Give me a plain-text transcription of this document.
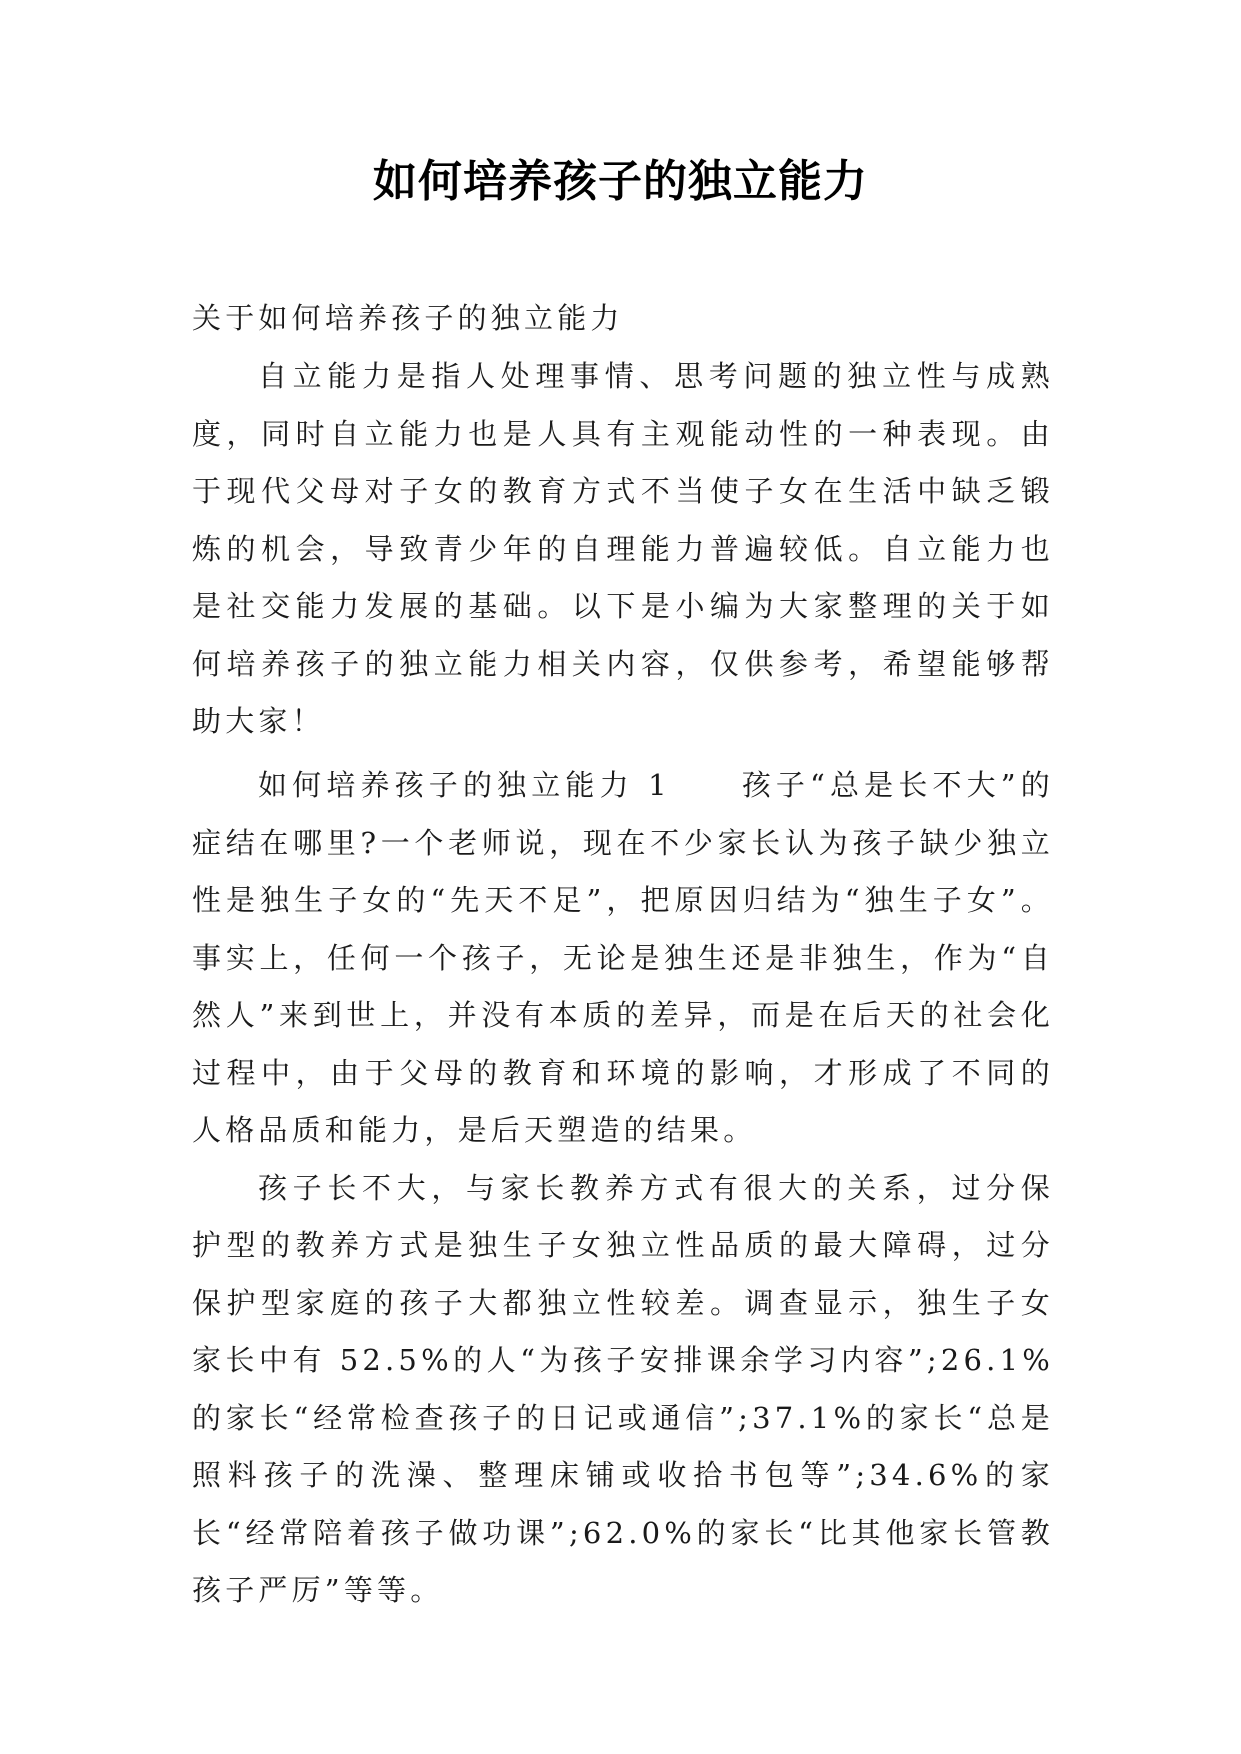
如何培养孩子的独立能力

关于如何培养孩子的独立能力

自立能力是指人处理事情、思考问题的独立性与成熟度，同时自立能力也是人具有主观能动性的一种表现。由于现代父母对子女的教育方式不当使子女在生活中缺乏锻炼的机会，导致青少年的自理能力普遍较低。自立能力也是社交能力发展的基础。以下是小编为大家整理的关于如何培养孩子的独立能力相关内容，仅供参考，希望能够帮助大家！

如何培养孩子的独立能力 1 孩子“总是长不大”的症结在哪里?一个老师说，现在不少家长认为孩子缺少独立性是独生子女的“先天不足”，把原因归结为“独生子女”。事实上，任何一个孩子，无论是独生还是非独生，作为“自然人”来到世上，并没有本质的差异，而是在后天的社会化过程中，由于父母的教育和环境的影响，才形成了不同的人格品质和能力，是后天塑造的结果。

孩子长不大，与家长教养方式有很大的关系，过分保护型的教养方式是独生子女独立性品质的最大障碍，过分保护型家庭的孩子大都独立性较差。调查显示，独生子女家长中有 52.5%的人“为孩子安排课余学习内容”;26.1%的家长“经常检查孩子的日记或通信”;37.1%的家长“总是照料孩子的洗澡、整理床铺或收拾书包等”;34.6%的家长“经常陪着孩子做功课”;62.0%的家长“比其他家长管教孩子严厉”等等。
